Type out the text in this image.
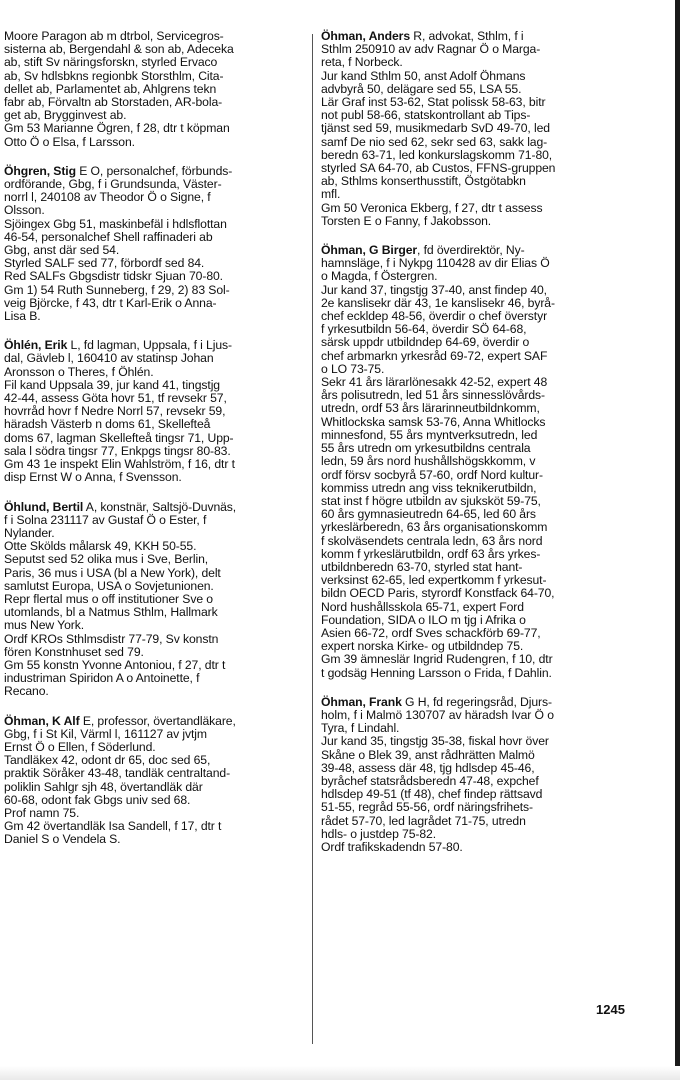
Moore Paragon ab m dtrbol, Servicegros-
sisterna ab, Bergendahl & son ab, Adeceka
ab, stift Sv näringsforskn, styrled Ervaco
ab, Sv hdlsbkns regionbk Storsthlm, Cita-
dellet ab, Parlamentet ab, Ahlgrens tekn
fabr ab, Förvaltn ab Storstaden, AR-bola-
get ab, Brygginvest ab.
Gm 53 Marianne Ögren, f 28, dtr t köpman
Otto Ö o Elsa, f Larsson.
Öhgren, Stig E O, personalchef, förbunds-
ordförande, Gbg, f i Grundsunda, Väster-
norrl l, 240108 av Theodor Ö o Signe, f
Olsson.
Sjöingex Gbg 51, maskinbefäl i hdlsflottan
46-54, personalchef Shell raffinaderi ab
Gbg, anst där sed 54.
Styrled SALF sed 77, förbordf sed 84.
Red SALFs Gbgsdistr tidskr Sjuan 70-80.
Gm 1) 54 Ruth Sunneberg, f 29, 2) 83 Sol-
veig Björcke, f 43, dtr t Karl-Erik o Anna-
Lisa B.
Öhlén, Erik L, fd lagman, Uppsala, f i Ljus-
dal, Gävleb l, 160410 av statinsp Johan
Aronsson o Theres, f Öhlén.
Fil kand Uppsala 39, jur kand 41, tingstjg
42-44, assess Göta hovr 51, tf revsekr 57,
hovrråd hovr f Nedre Norrl 57, revsekr 59,
häradsh Västerb n doms 61, Skellefteå
doms 67, lagman Skellefteå tingsr 71, Upp-
sala l södra tingsr 77, Enkpgs tingsr 80-83.
Gm 43 1e inspekt Elin Wahlström, f 16, dtr t
disp Ernst W o Anna, f Svensson.
Öhlund, Bertil A, konstnär, Saltsjö-Duvnäs,
f i Solna 231117 av Gustaf Ö o Ester, f
Nylander.
Otte Skölds målarsk 49, KKH 50-55.
Seputst sed 52 olika mus i Sve, Berlin,
Paris, 36 mus i USA (bl a New York), delt
samlutst Europa, USA o Sovjetunionen.
Repr flertal mus o off institutioner Sve o
utomlands, bl a Natmus Sthlm, Hallmark
mus New York.
Ordf KROs Sthlmsdistr 77-79, Sv konstn
fören Konstnhuset sed 79.
Gm 55 konstn Yvonne Antoniou, f 27, dtr t
industriman Spiridon A o Antoinette, f
Recano.
Öhman, K Alf E, professor, övertandläkare,
Gbg, f i St Kil, Värml l, 161127 av jvtjm
Ernst Ö o Ellen, f Söderlund.
Tandläkex 42, odont dr 65, doc sed 65,
praktik Söråker 43-48, tandläk centraltand-
poliklin Sahlgr sjh 48, övertandläk där
60-68, odont fak Gbgs univ sed 68.
Prof namn 75.
Gm 42 övertandläk Isa Sandell, f 17, dtr t
Daniel S o Vendela S.
Öhman, Anders R, advokat, Sthlm, f i
Sthlm 250910 av adv Ragnar Ö o Marga-
reta, f Norbeck.
Jur kand Sthlm 50, anst Adolf Öhmans
advbyrå 50, delägare sed 55, LSA 55.
Lär Graf inst 53-62, Stat polissk 58-63, bitr
not publ 58-66, statskontrollant ab Tips-
tjänst sed 59, musikmedarb SvD 49-70, led
samf De nio sed 62, sekr sed 63, sakk lag-
beredn 63-71, led konkurslagskomm 71-80,
styrled SA 64-70, ab Custos, FFNS-gruppen
ab, Sthlms konserthusstift, Östgötabkn
mfl.
Gm 50 Veronica Ekberg, f 27, dtr t assess
Torsten E o Fanny, f Jakobsson.
Öhman, G Birger, fd överdirektör, Ny-
hamnsläge, f i Nykpg 110428 av dir Elias Ö
o Magda, f Östergren.
Jur kand 37, tingstjg 37-40, anst findep 40,
2e kanslisekr där 43, 1e kanslisekr 46, byrå-
chef eckldep 48-56, överdir o chef överstyr
f yrkesutbildn 56-64, överdir SÖ 64-68,
särsk uppdr utbildndep 64-69, överdir o
chef arbmarkn yrkesråd 69-72, expert SAF
o LO 73-75.
Sekr 41 års lärarlönesakk 42-52, expert 48
års polisutredn, led 51 års sinnesslövårds-
utredn, ordf 53 års lärarinneutbildnkomm,
Whitlockska samsk 53-76, Anna Whitlocks
minnesfond, 55 års myntverksutredn, led
55 års utredn om yrkesutbildns centrala
ledn, 59 års nord hushållshögskkomm, v
ordf försv socbyrå 57-60, ordf Nord kultur-
kommiss utredn ang viss teknikerutbildn,
stat inst f högre utbildn av sjuksköt 59-75,
60 års gymnasieutredn 64-65, led 60 års
yrkeslärberedn, 63 års organisationskomm
f skolväsendets centrala ledn, 63 års nord
komm f yrkeslärutbildn, ordf 63 års yrkes-
utbildnberedn 63-70, styrled stat hant-
verksinst 62-65, led expertkomm f yrkesut-
bildn OECD Paris, styrordf Konstfack 64-70,
Nord hushållsskola 65-71, expert Ford
Foundation, SIDA o ILO m tjg i Afrika o
Asien 66-72, ordf Sves schackförb 69-77,
expert norska Kirke- og utbildndep 75.
Gm 39 ämneslär Ingrid Rudengren, f 10, dtr
t godsäg Henning Larsson o Frida, f Dahlin.
Öhman, Frank G H, fd regeringsråd, Djurs-
holm, f i Malmö 130707 av häradsh Ivar Ö o
Tyra, f Lindahl.
Jur kand 35, tingstjg 35-38, fiskal hovr över
Skåne o Blek 39, anst rådhrätten Malmö
39-48, assess där 48, tjg hdlsdep 45-46,
byråchef statsrådsberedn 47-48, expchef
hdlsdep 49-51 (tf 48), chef findep rättsavd
51-55, regråd 55-56, ordf näringsfrihets-
rådet 57-70, led lagrådet 71-75, utredn
hdls- o justdep 75-82.
Ordf trafikskadendn 57-80.
1245
